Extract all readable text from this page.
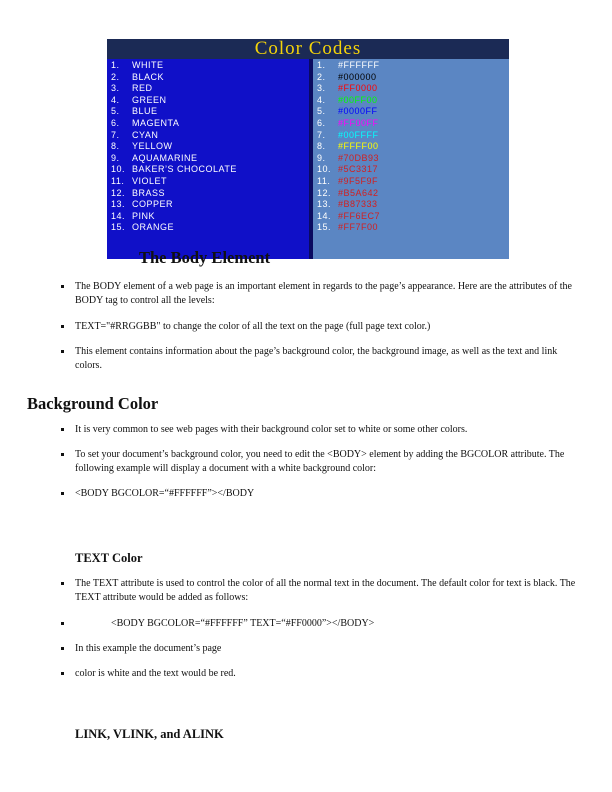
Color Codes
1. WHITE
2. BLACK
3. RED
4. GREEN
5. BLUE
6. MAGENTA
7. CYAN
8. YELLOW
9. AQUAMARINE
10. BAKER’S CHOCOLATE
11. VIOLET
12. BRASS
13. COPPER
14. PINK
15. ORANGE
1. #FFFFFF
2. #000000
3. #FF0000
4. #00FF00
5. #0000FF
6. #FF00FF
7. #00FFFF
8. #FFFF00
9. #70DB93
10. #5C3317
11. #9F5F9F
12. #B5A642
13. #B87333
14. #FF6EC7
15. #FF7F00
The Body Element
The BODY element of a web page is an important element in regards to the page’s appearance. Here are the attributes of the BODY tag to control all the levels:
TEXT="#RRGGBB" to change the color of all the text on the page (full page text color.)
This element contains information about the page’s background color, the background image, as well as the text and link colors.
Background Color
It is very common to see web pages with their background color set to white or some other colors.
To set your document’s background color, you need to edit the <BODY> element by adding the BGCOLOR attribute. The following example will display a document with a white background color:
<BODY BGCOLOR=“#FFFFFF”></BODY
TEXT Color
The TEXT attribute is used to control the color of all the normal text in the document. The default color for text is black. The TEXT attribute would be added as follows:
<BODY BGCOLOR=“#FFFFFF” TEXT=“#FF0000”></BODY>
In this example the document’s page
color is white and the text would be red.
LINK, VLINK, and ALINK
